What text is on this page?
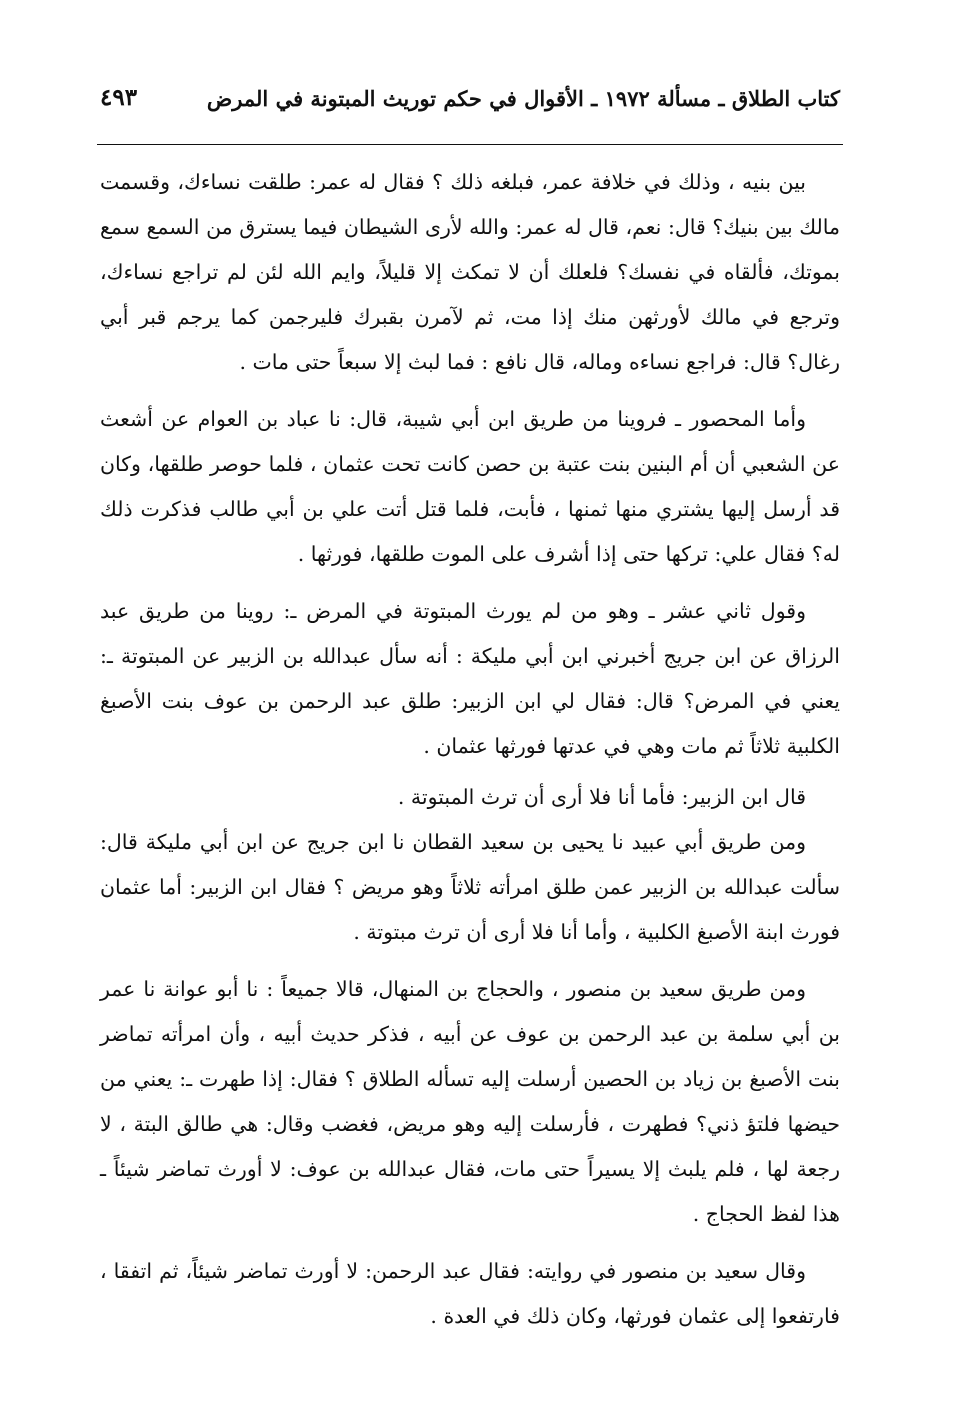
كتاب الطلاق ـ مسألة ١٩٧٢ ـ الأقوال في حكم توريث المبتونة في المرض
٤٩٣

بين بنيه ، وذلك في خلافة عمر، فبلغه ذلك ؟ فقال له عمر: طلقت نساءك، وقسمت مالك بين بنيك؟ قال: نعم، قال له عمر: والله لأرى الشيطان فيما يسترق من السمع سمع بموتك، فألقاه في نفسك؟ فلعلك أن لا تمكث إلا قليلاً، وايم الله لئن لم تراجع نساءك، وترجع في مالك لأورثهن منك إذا مت، ثم لآمرن بقبرك فليرجمن كما يرجم قبر أبي رغال؟ قال: فراجع نساءه وماله، قال نافع : فما لبث إلا سبعاً حتى مات .

وأما المحصور ـ فروينا من طريق ابن أبي شيبة، قال: نا عباد بن العوام عن أشعث عن الشعبي أن أم البنين بنت عتبة بن حصن كانت تحت عثمان ، فلما حوصر طلقها، وكان قد أرسل إليها يشتري منها ثمنها ، فأبت، فلما قتل أتت علي بن أبي طالب فذكرت ذلك له؟ فقال علي: تركها حتى إذا أشرف على الموت طلقها، فورثها .

وقول ثاني عشر ـ وهو من لم يورث المبتوتة في المرض ـ: روينا من طريق عبد الرزاق عن ابن جريج أخبرني ابن أبي مليكة : أنه سأل عبدالله بن الزبير عن المبتوتة ـ: يعني في المرض؟ قال: فقال لي ابن الزبير: طلق عبد الرحمن بن عوف بنت الأصبغ الكلبية ثلاثاً ثم مات وهي في عدتها فورثها عثمان .

قال ابن الزبير: فأما أنا فلا أرى أن ترث المبتوتة .

ومن طريق أبي عبيد نا يحيى بن سعيد القطان نا ابن جريج عن ابن أبي مليكة قال: سألت عبدالله بن الزبير عمن طلق امرأته ثلاثاً وهو مريض ؟ فقال ابن الزبير: أما عثمان فورث ابنة الأصبغ الكلبية ، وأما أنا فلا أرى أن ترث مبتوتة .

ومن طريق سعيد بن منصور ، والحجاج بن المنهال، قالا جميعاً : نا أبو عوانة نا عمر بن أبي سلمة بن عبد الرحمن بن عوف عن أبيه ، فذكر حديث أبيه ، وأن امرأته تماضر بنت الأصبغ بن زياد بن الحصين أرسلت إليه تسأله الطلاق ؟ فقال: إذا طهرت ـ: يعني من حيضها فلتؤ ذني؟ فطهرت ، فأرسلت إليه وهو مريض، فغضب وقال: هي طالق البتة ، لا رجعة لها ، فلم يلبث إلا يسيراً حتى مات، فقال عبدالله بن عوف: لا أورث تماضر شيئاً ـ هذا لفظ الحجاج .

وقال سعيد بن منصور في روايته: فقال عبد الرحمن: لا أورث تماضر شيئاً، ثم اتفقا ، فارتفعوا إلى عثمان فورثها، وكان ذلك في العدة .
